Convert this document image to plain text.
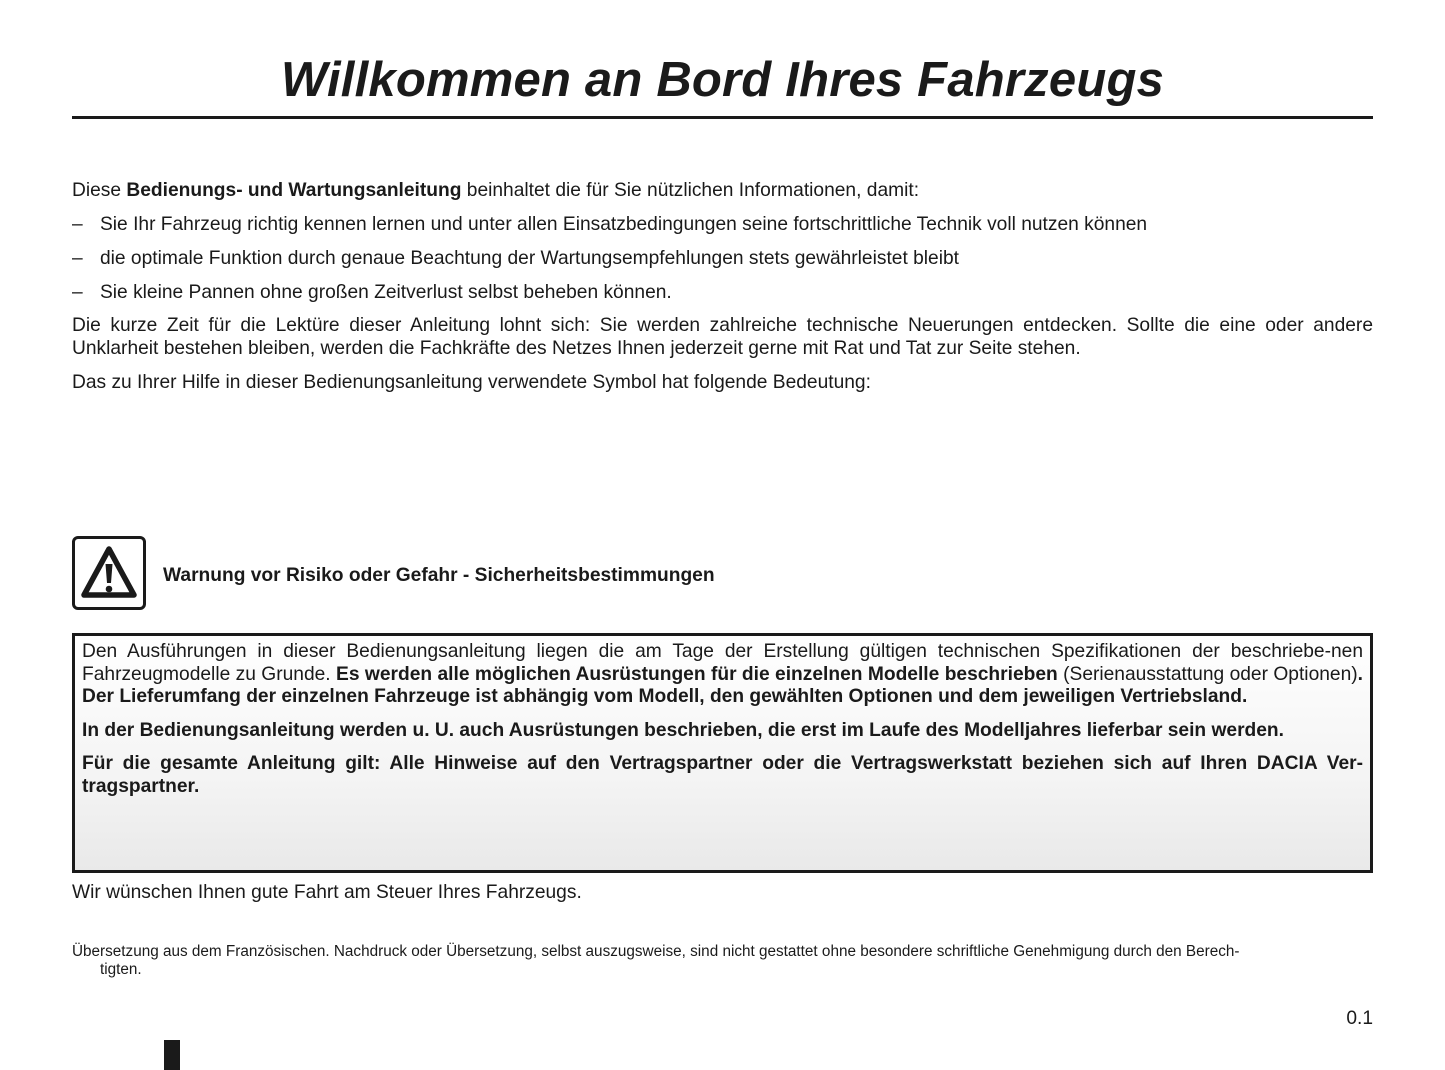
Willkommen an Bord Ihres Fahrzeugs

Diese Bedienungs- und Wartungsanleitung beinhaltet die für Sie nützlichen Informationen, damit:

– Sie Ihr Fahrzeug richtig kennen lernen und unter allen Einsatzbedingungen seine fortschrittliche Technik voll nutzen können
– die optimale Funktion durch genaue Beachtung der Wartungsempfehlungen stets gewährleistet bleibt
– Sie kleine Pannen ohne großen Zeitverlust selbst beheben können.

Die kurze Zeit für die Lektüre dieser Anleitung lohnt sich: Sie werden zahlreiche technische Neuerungen entdecken. Sollte die eine oder andere Unklarheit bestehen bleiben, werden die Fachkräfte des Netzes Ihnen jederzeit gerne mit Rat und Tat zur Seite stehen.

Das zu Ihrer Hilfe in dieser Bedienungsanleitung verwendete Symbol hat folgende Bedeutung:

Warnung vor Risiko oder Gefahr - Sicherheitsbestimmungen

Den Ausführungen in dieser Bedienungsanleitung liegen die am Tage der Erstellung gültigen technischen Spezifikationen der beschriebe-nen Fahrzeugmodelle zu Grunde. Es werden alle möglichen Ausrüstungen für die einzelnen Modelle beschrieben (Serienausstattung oder Optionen). Der Lieferumfang der einzelnen Fahrzeuge ist abhängig vom Modell, den gewählten Optionen und dem jeweiligen Vertriebsland.

In der Bedienungsanleitung werden u. U. auch Ausrüstungen beschrieben, die erst im Laufe des Modelljahres lieferbar sein werden.

Für die gesamte Anleitung gilt: Alle Hinweise auf den Vertragspartner oder die Vertragswerkstatt beziehen sich auf Ihren DACIA Ver-tragspartner.

Wir wünschen Ihnen gute Fahrt am Steuer Ihres Fahrzeugs.

Übersetzung aus dem Französischen. Nachdruck oder Übersetzung, selbst auszugsweise, sind nicht gestattet ohne besondere schriftliche Genehmigung durch den Berech-
tigten.

0.1
